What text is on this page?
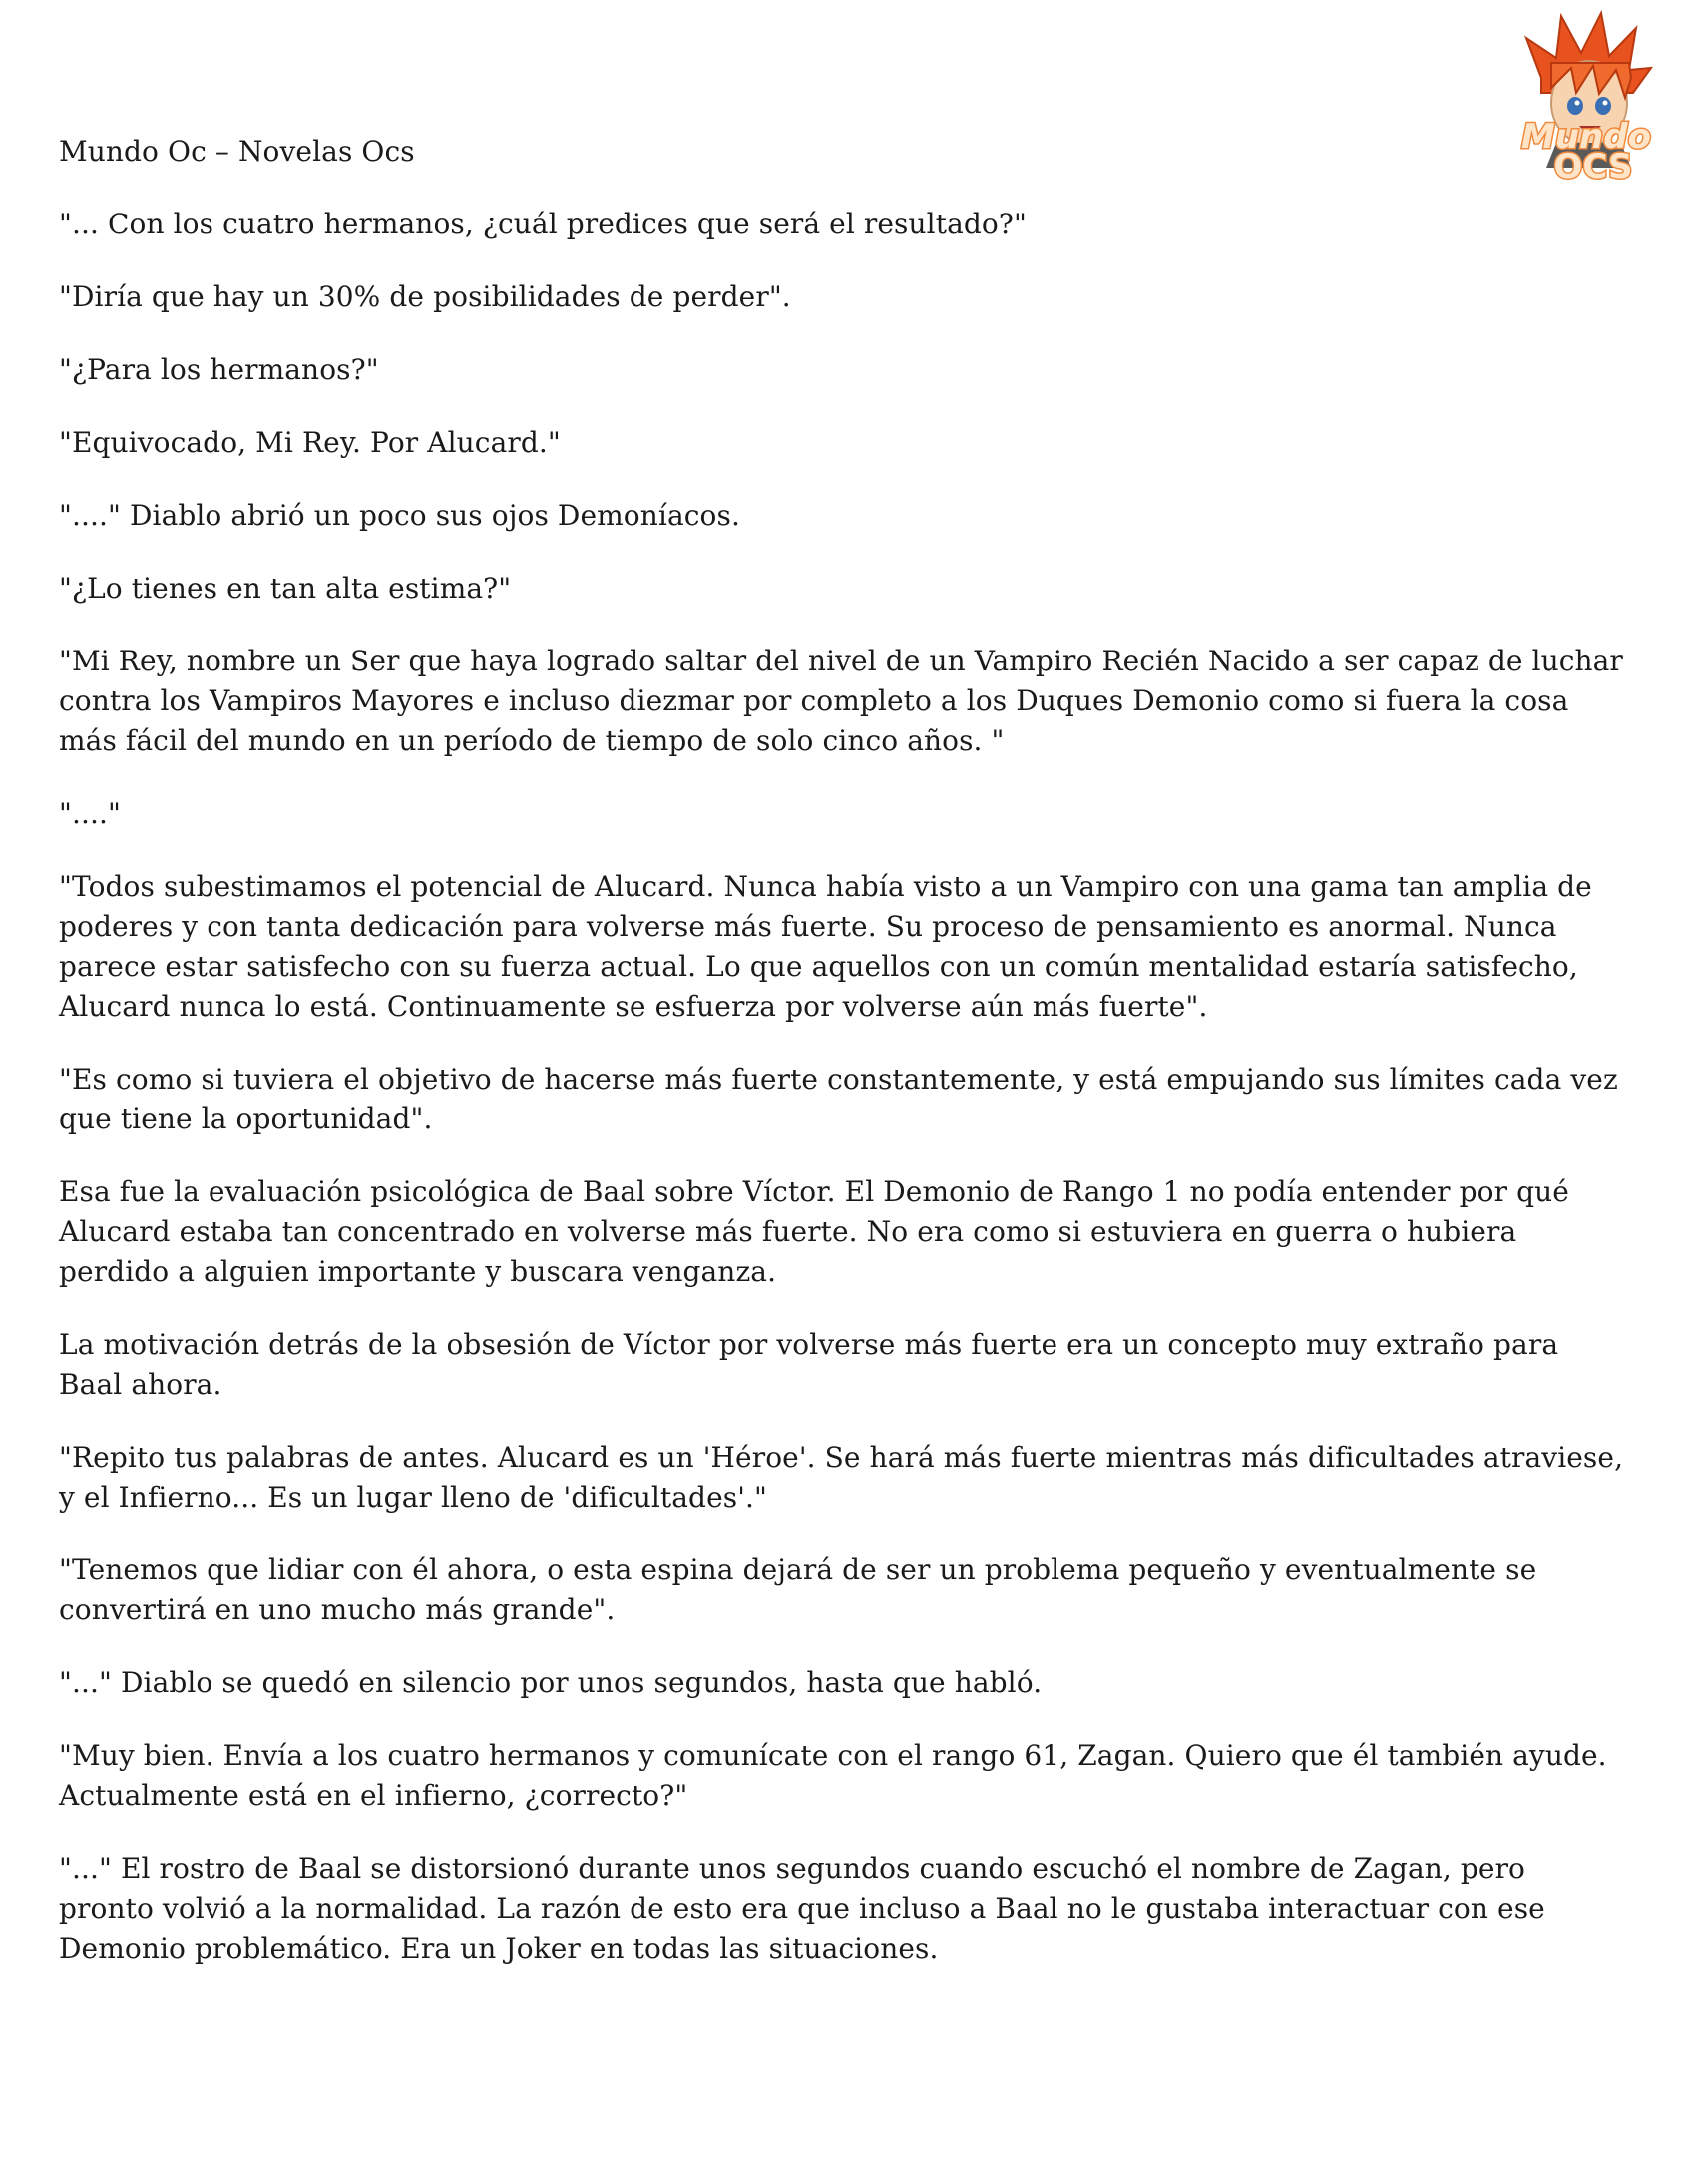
Mundo
OCS
Mundo Oc – Novelas Ocs
"... Con los cuatro hermanos, ¿cuál predices que será el resultado?"
"Diría que hay un 30% de posibilidades de perder".
"¿Para los hermanos?"
"Equivocado, Mi Rey. Por Alucard."
"...." Diablo abrió un poco sus ojos Demoníacos.
"¿Lo tienes en tan alta estima?"
"Mi Rey, nombre un Ser que haya logrado saltar del nivel de un Vampiro Recién Nacido a ser capaz de luchar contra los Vampiros Mayores e incluso diezmar por completo a los Duques Demonio como si fuera la cosa más fácil del mundo en un período de tiempo de solo cinco años. "
"...."
"Todos subestimamos el potencial de Alucard. Nunca había visto a un Vampiro con una gama tan amplia de poderes y con tanta dedicación para volverse más fuerte. Su proceso de pensamiento es anormal. Nunca parece estar satisfecho con su fuerza actual. Lo que aquellos con un común mentalidad estaría satisfecho, Alucard nunca lo está. Continuamente se esfuerza por volverse aún más fuerte".
"Es como si tuviera el objetivo de hacerse más fuerte constantemente, y está empujando sus límites cada vez que tiene la oportunidad".
Esa fue la evaluación psicológica de Baal sobre Víctor. El Demonio de Rango 1 no podía entender por qué Alucard estaba tan concentrado en volverse más fuerte. No era como si estuviera en guerra o hubiera perdido a alguien importante y buscara venganza.
La motivación detrás de la obsesión de Víctor por volverse más fuerte era un concepto muy extraño para Baal ahora.
"Repito tus palabras de antes. Alucard es un 'Héroe'. Se hará más fuerte mientras más dificultades atraviese, y el Infierno... Es un lugar lleno de 'dificultades'."
"Tenemos que lidiar con él ahora, o esta espina dejará de ser un problema pequeño y eventualmente se convertirá en uno mucho más grande".
"..." Diablo se quedó en silencio por unos segundos, hasta que habló.
"Muy bien. Envía a los cuatro hermanos y comunícate con el rango 61, Zagan. Quiero que él también ayude. Actualmente está en el infierno, ¿correcto?"
"..." El rostro de Baal se distorsionó durante unos segundos cuando escuchó el nombre de Zagan, pero pronto volvió a la normalidad. La razón de esto era que incluso a Baal no le gustaba interactuar con ese Demonio problemático. Era un Joker en todas las situaciones.
